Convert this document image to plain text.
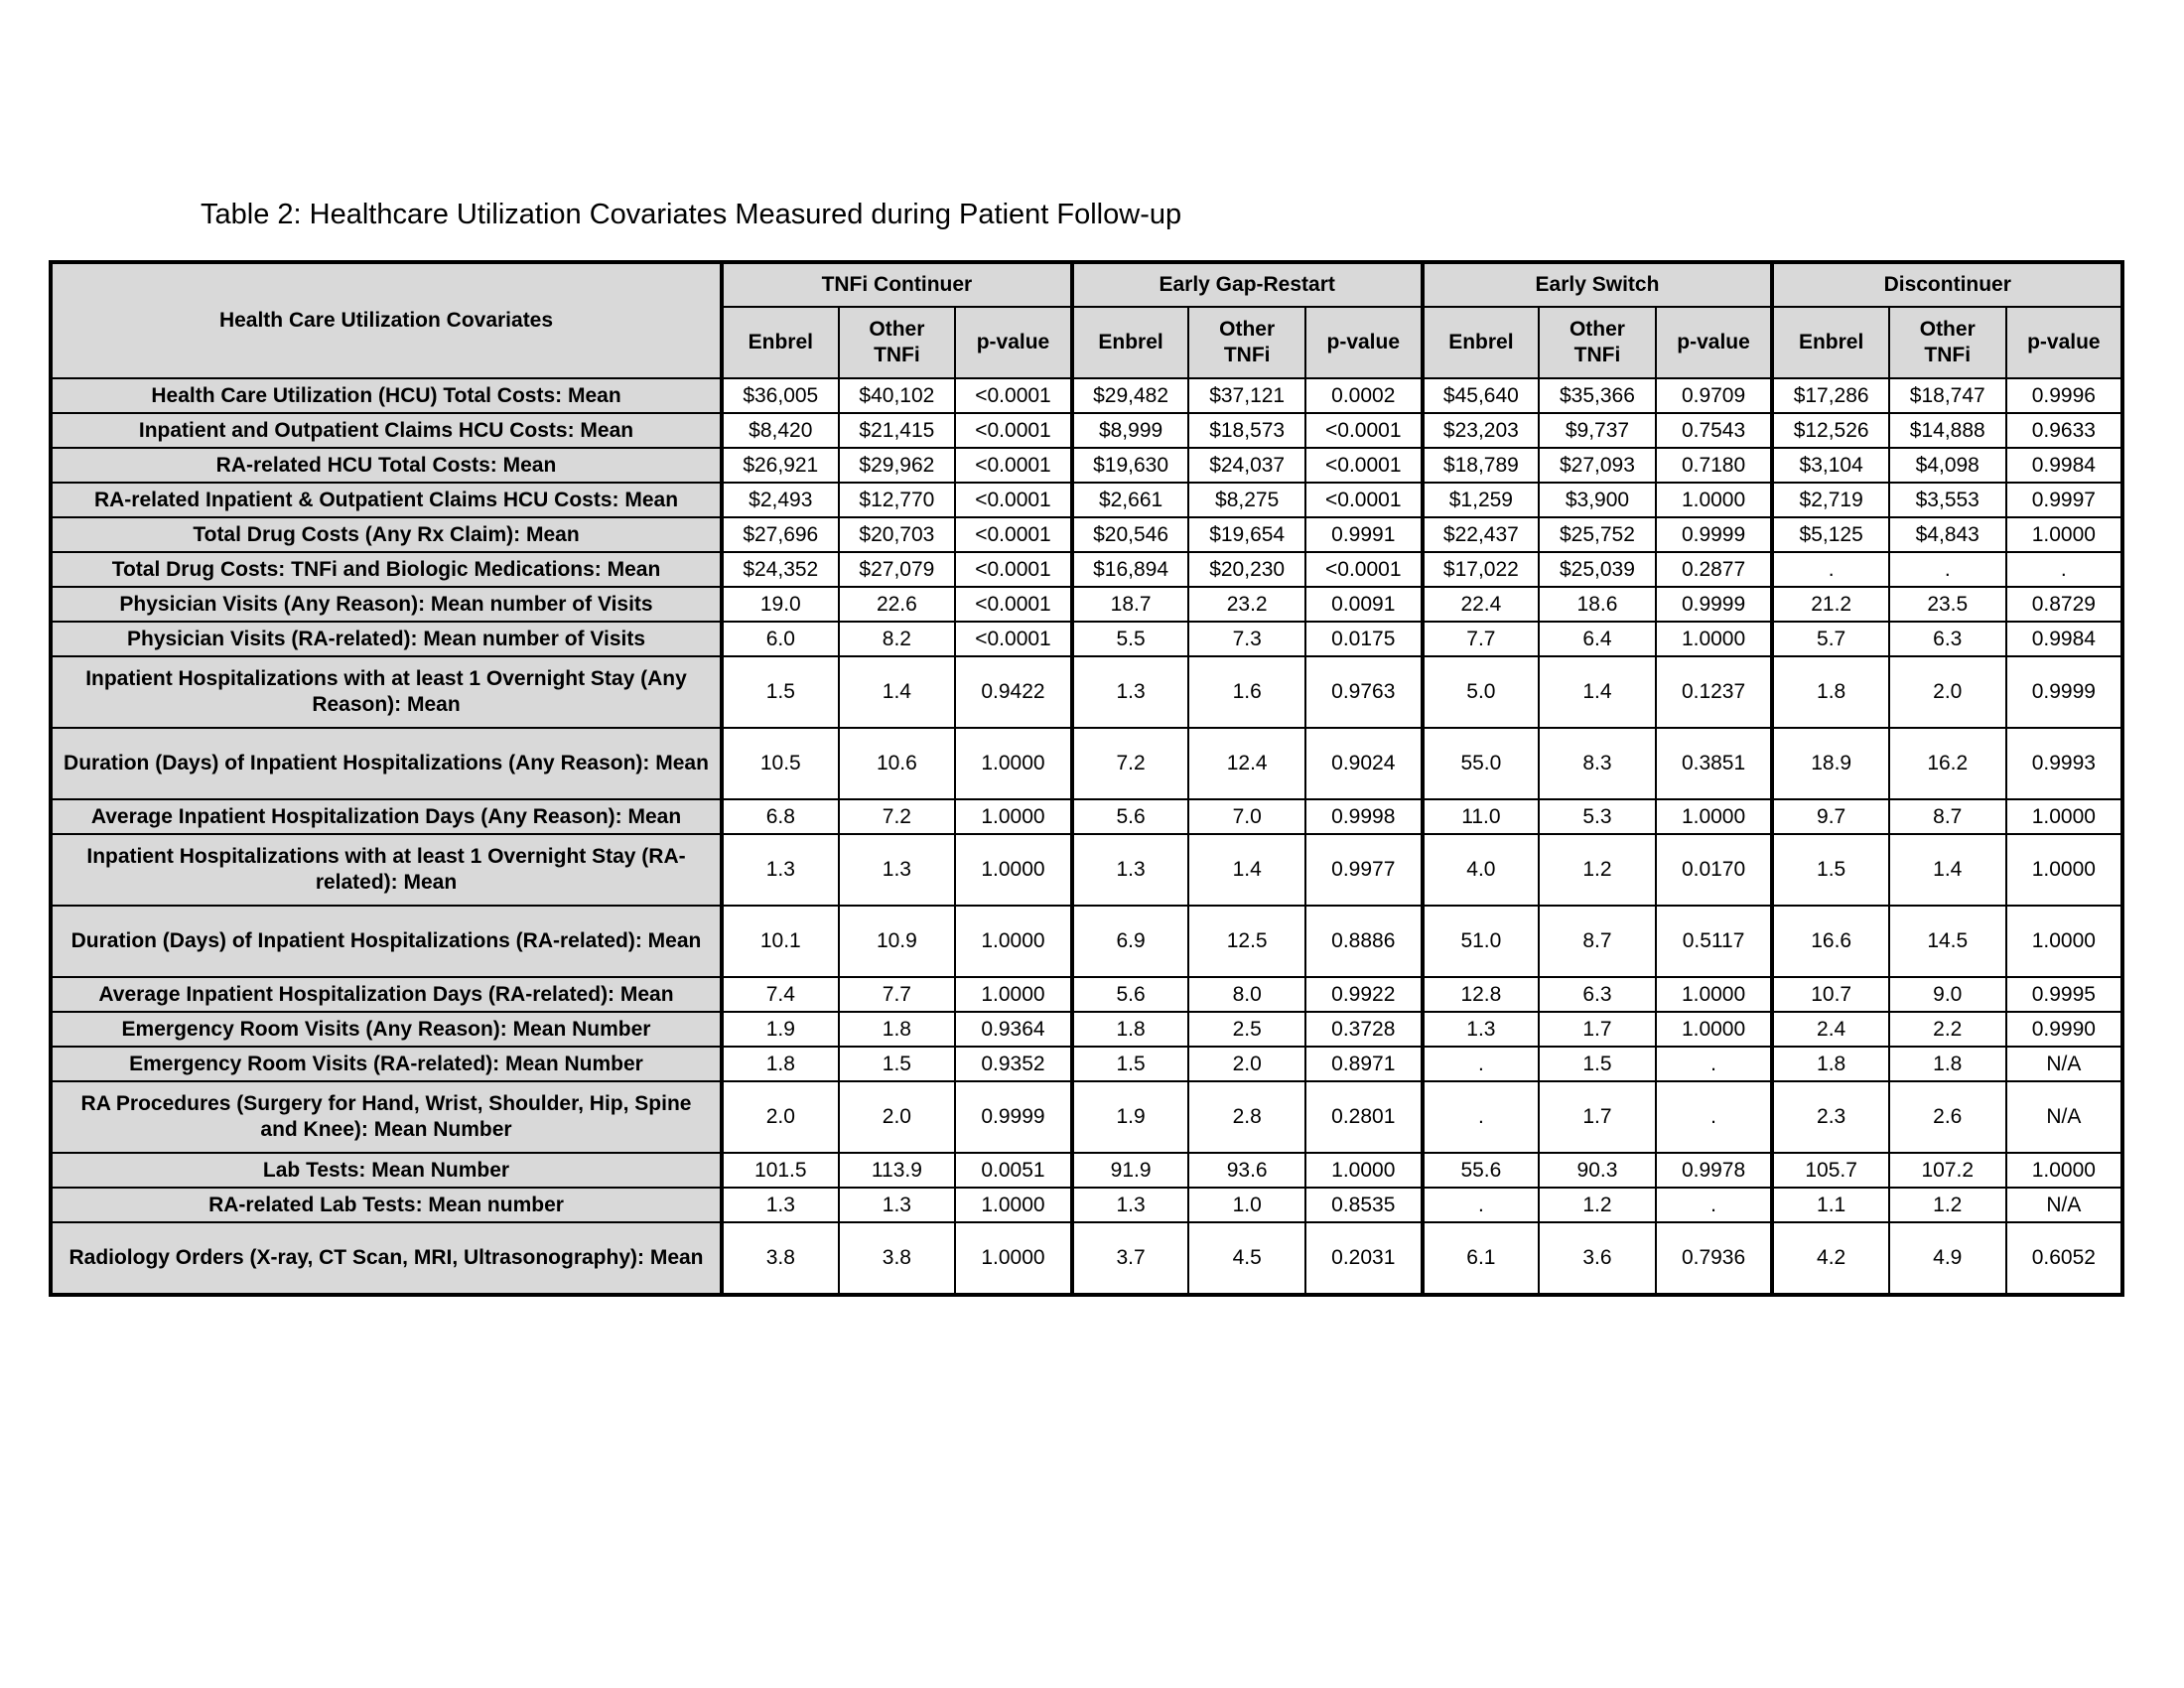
Table 2: Healthcare Utilization Covariates Measured during Patient Follow-up
Health Care Utilization Covariates	TNFi Continuer			Early Gap-Restart			Early Switch			Discontinuer		
	Enbrel	Other TNFi	p-value	Enbrel	Other TNFi	p-value	Enbrel	Other TNFi	p-value	Enbrel	Other TNFi	p-value
Health Care Utilization (HCU) Total Costs: Mean	$36,005	$40,102	<0.0001	$29,482	$37,121	0.0002	$45,640	$35,366	0.9709	$17,286	$18,747	0.9996
Inpatient and Outpatient Claims HCU Costs: Mean	$8,420	$21,415	<0.0001	$8,999	$18,573	<0.0001	$23,203	$9,737	0.7543	$12,526	$14,888	0.9633
RA-related HCU Total Costs: Mean	$26,921	$29,962	<0.0001	$19,630	$24,037	<0.0001	$18,789	$27,093	0.7180	$3,104	$4,098	0.9984
RA-related Inpatient & Outpatient Claims HCU Costs: Mean	$2,493	$12,770	<0.0001	$2,661	$8,275	<0.0001	$1,259	$3,900	1.0000	$2,719	$3,553	0.9997
Total Drug Costs (Any Rx Claim): Mean	$27,696	$20,703	<0.0001	$20,546	$19,654	0.9991	$22,437	$25,752	0.9999	$5,125	$4,843	1.0000
Total Drug Costs: TNFi and Biologic Medications: Mean	$24,352	$27,079	<0.0001	$16,894	$20,230	<0.0001	$17,022	$25,039	0.2877	.	.	.
Physician Visits (Any Reason): Mean number of Visits	19.0	22.6	<0.0001	18.7	23.2	0.0091	22.4	18.6	0.9999	21.2	23.5	0.8729
Physician Visits (RA-related): Mean number of Visits	6.0	8.2	<0.0001	5.5	7.3	0.0175	7.7	6.4	1.0000	5.7	6.3	0.9984
Inpatient Hospitalizations with at least 1 Overnight Stay (Any Reason): Mean	1.5	1.4	0.9422	1.3	1.6	0.9763	5.0	1.4	0.1237	1.8	2.0	0.9999
Duration (Days) of Inpatient Hospitalizations (Any Reason): Mean	10.5	10.6	1.0000	7.2	12.4	0.9024	55.0	8.3	0.3851	18.9	16.2	0.9993
Average Inpatient Hospitalization Days (Any Reason): Mean	6.8	7.2	1.0000	5.6	7.0	0.9998	11.0	5.3	1.0000	9.7	8.7	1.0000
Inpatient Hospitalizations with at least 1 Overnight Stay (RA-related): Mean	1.3	1.3	1.0000	1.3	1.4	0.9977	4.0	1.2	0.0170	1.5	1.4	1.0000
Duration (Days) of Inpatient Hospitalizations (RA-related): Mean	10.1	10.9	1.0000	6.9	12.5	0.8886	51.0	8.7	0.5117	16.6	14.5	1.0000
Average Inpatient Hospitalization Days (RA-related): Mean	7.4	7.7	1.0000	5.6	8.0	0.9922	12.8	6.3	1.0000	10.7	9.0	0.9995
Emergency Room Visits (Any Reason): Mean Number	1.9	1.8	0.9364	1.8	2.5	0.3728	1.3	1.7	1.0000	2.4	2.2	0.9990
Emergency Room Visits (RA-related): Mean Number	1.8	1.5	0.9352	1.5	2.0	0.8971	.	1.5	.	1.8	1.8	N/A
RA Procedures (Surgery for Hand, Wrist, Shoulder, Hip, Spine and Knee): Mean Number	2.0	2.0	0.9999	1.9	2.8	0.2801	.	1.7	.	2.3	2.6	N/A
Lab Tests: Mean Number	101.5	113.9	0.0051	91.9	93.6	1.0000	55.6	90.3	0.9978	105.7	107.2	1.0000
RA-related Lab Tests: Mean number	1.3	1.3	1.0000	1.3	1.0	0.8535	.	1.2	.	1.1	1.2	N/A
Radiology Orders (X-ray, CT Scan, MRI, Ultrasonography): Mean	3.8	3.8	1.0000	3.7	4.5	0.2031	6.1	3.6	0.7936	4.2	4.9	0.6052
